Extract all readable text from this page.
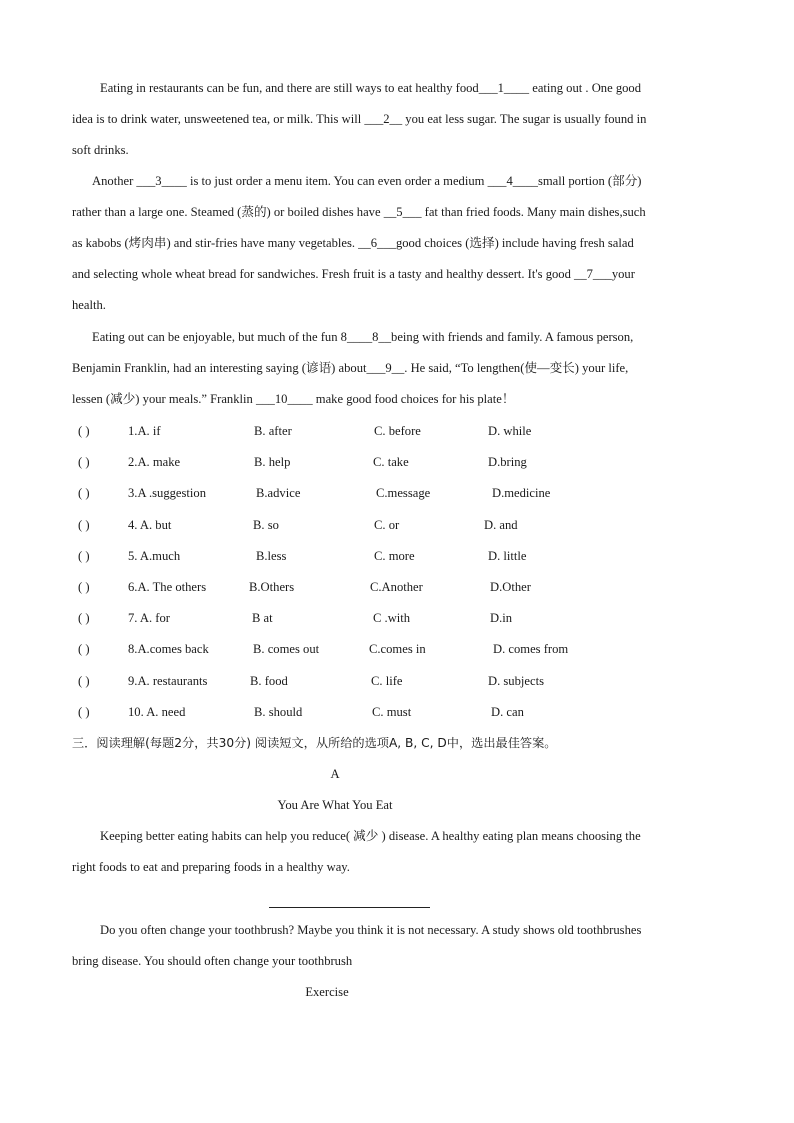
Eating in restaurants can be fun, and there are still ways to eat healthy food___1____ eating out . One good

idea is to drink water, unsweetened tea, or milk. This will ___2__ you eat less sugar. The sugar is usually found in

soft drinks.

Another ___3____ is to just order a menu item. You can even order a medium ___4____small portion (部分)

rather than a large one. Steamed (蒸的) or boiled dishes have __5___ fat than fried foods. Many main dishes,such

as kabobs (烤肉串) and stir-fries have many vegetables. __6___good choices (选择) include having fresh salad

and selecting whole wheat bread for sandwiches. Fresh fruit is a tasty and healthy dessert. It's good __7___your

health.

Eating out can be enjoyable, but much of the fun 8____8__being with friends and family. A famous person,

Benjamin Franklin, had an interesting saying (谚语) about___9__. He said, “To lengthen(使—变长) your life,

lessen (减少) your meals.” Franklin ___10____ make good food choices for his plate！

( )	1.A. if	B. after	C. before	D. while
( )	2.A. make	B. help	C. take	D.bring
( )	3.A .suggestion	B.advice	C.message	D.medicine
( )	4. A. but	B. so	C. or	D. and
( )	5. A.much	B.less	C. more	D. little
( )	6.A. The others	B.Others	C.Another	D.Other
( )	7. A. for	B at	C .with	D.in
( )	8.A.comes back	B. comes out	C.comes in	D. comes from
( )	9.A. restaurants	B. food	C. life	D. subjects
( )	10. A. need	B. should	C. must	D. can
三．阅读理解(每题2分，共30分) 阅读短文，从所给的选项A, B, C, D中，选出最佳答案。
A
You Are What You Eat

Keeping better eating habits can help you reduce( 减少 ) disease. A healthy eating plan means choosing the

right foods to eat and preparing foods in a healthy way.

Do you often change your toothbrush? Maybe you think it is not necessary. A study shows old toothbrushes

bring disease. You should often change your toothbrush

Exercise
